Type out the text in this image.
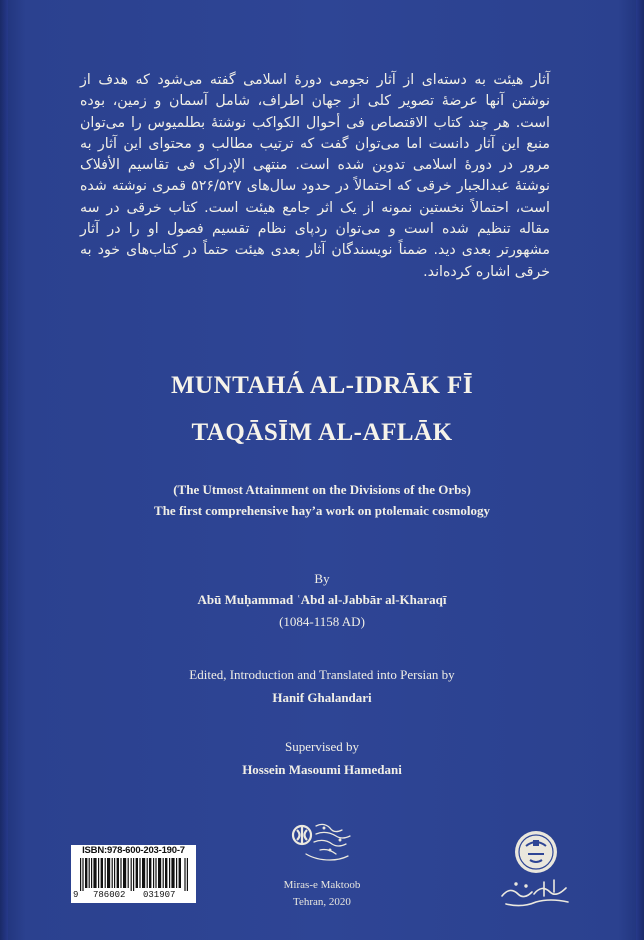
آثار هیئت به دسته‌ای از آثار نجومی دورهٔ اسلامی گفته می‌شود که هدف از نوشتن آنها عرضهٔ تصویر کلی از جهان اطراف، شامل آسمان و زمین، بوده است. هر چند کتاب الاقتصاص فی أحوال الکواکب نوشتهٔ بطلمیوس را می‌توان منبع این آثار دانست اما می‌توان گفت که ترتیب مطالب و محتوای این آثار به مرور در دورهٔ اسلامی تدوین شده است. منتهی الإدراک فی تقاسیم الأفلاک نوشتهٔ عبدالجبار خرقی که احتمالاً در حدود سال‌های ۵۲۶/۵۲۷ قمری نوشته شده است، احتمالاً نخستین نمونه از یک اثر جامع هیئت است. کتاب خرقی در سه مقاله تنظیم شده است و می‌توان ردپای نظام تقسیم فصول او را در آثار مشهورتر بعدی دید. ضمناً نویسندگان آثار بعدی هیئت حتماً در کتاب‌های خود به خرقی اشاره کرده‌اند.

MUNTAHÁ AL-IDRĀK FĪ
TAQĀSĪM AL-AFLĀK
(The Utmost Attainment on the Divisions of the Orbs)
The first comprehensive hay’a work on ptolemaic cosmology
By
Abū Muḥammad ʿAbd al-Jabbār al-Kharaqī
(1084-1158 AD)
Edited, Introduction and Translated into Persian by
Hanif Ghalandari
Supervised by
Hossein Masoumi Hamedani
ISBN:978-600-203-190-7
9 786002 031907
Miras-e Maktoob
Tehran, 2020
